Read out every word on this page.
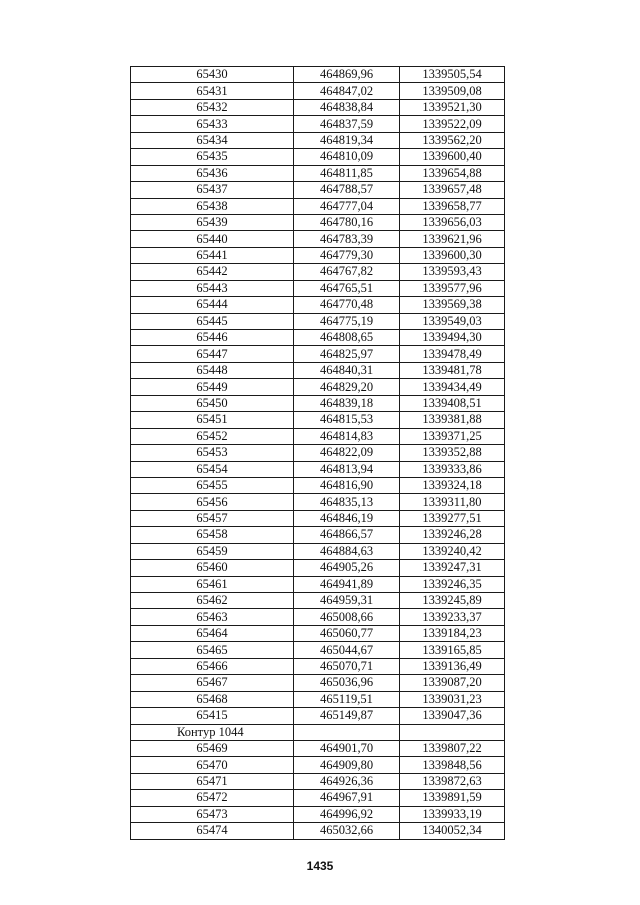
65430	464869,96	1339505,54
65431	464847,02	1339509,08
65432	464838,84	1339521,30
65433	464837,59	1339522,09
65434	464819,34	1339562,20
65435	464810,09	1339600,40
65436	464811,85	1339654,88
65437	464788,57	1339657,48
65438	464777,04	1339658,77
65439	464780,16	1339656,03
65440	464783,39	1339621,96
65441	464779,30	1339600,30
65442	464767,82	1339593,43
65443	464765,51	1339577,96
65444	464770,48	1339569,38
65445	464775,19	1339549,03
65446	464808,65	1339494,30
65447	464825,97	1339478,49
65448	464840,31	1339481,78
65449	464829,20	1339434,49
65450	464839,18	1339408,51
65451	464815,53	1339381,88
65452	464814,83	1339371,25
65453	464822,09	1339352,88
65454	464813,94	1339333,86
65455	464816,90	1339324,18
65456	464835,13	1339311,80
65457	464846,19	1339277,51
65458	464866,57	1339246,28
65459	464884,63	1339240,42
65460	464905,26	1339247,31
65461	464941,89	1339246,35
65462	464959,31	1339245,89
65463	465008,66	1339233,37
65464	465060,77	1339184,23
65465	465044,67	1339165,85
65466	465070,71	1339136,49
65467	465036,96	1339087,20
65468	465119,51	1339031,23
65415	465149,87	1339047,36
Контур 1044		
65469	464901,70	1339807,22
65470	464909,80	1339848,56
65471	464926,36	1339872,63
65472	464967,91	1339891,59
65473	464996,92	1339933,19
65474	465032,66	1340052,34
1435
